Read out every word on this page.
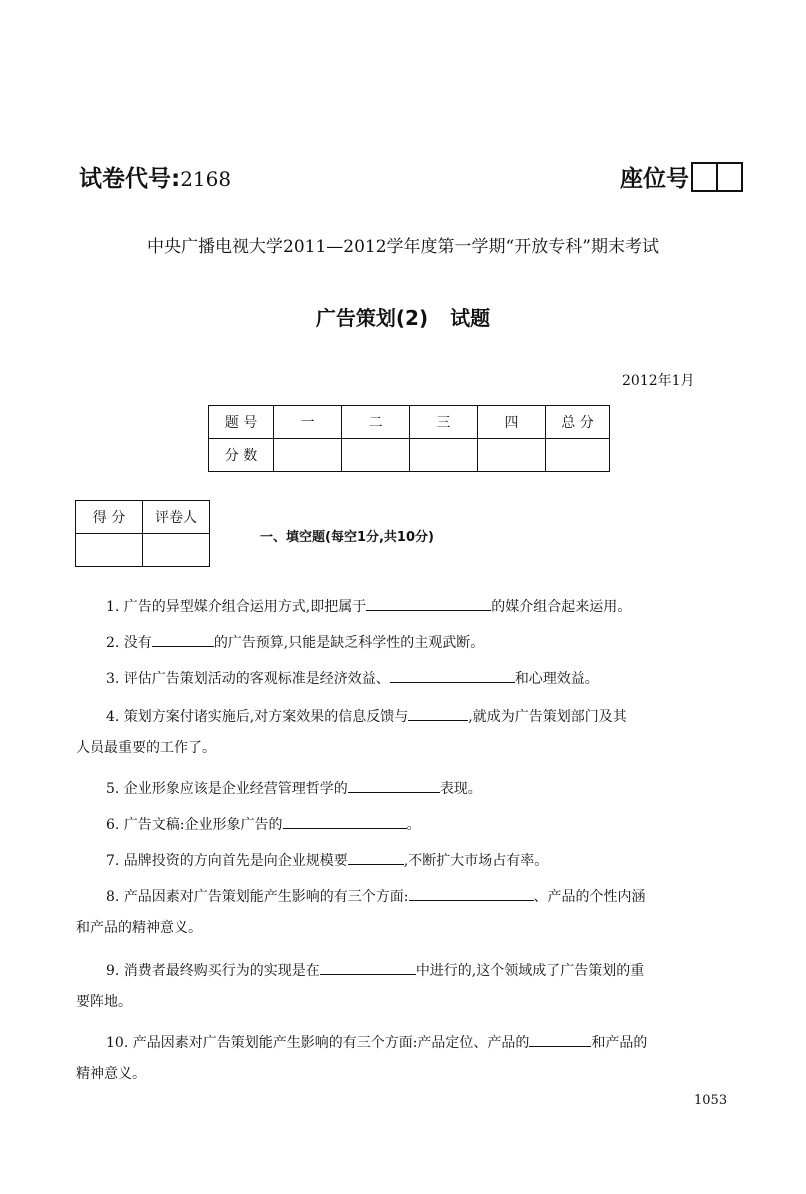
试卷代号:2168	座位号
中央广播电视大学2011—2012学年度第一学期“开放专科”期末考试
广告策划(2) 试题
2012年1月
题 号	一	二	三	四	总 分
分 数					
得 分	评卷人

一、填空题(每空1分,共10分)
1. 广告的异型媒介组合运用方式,即把属于	的媒介组合起来运用。
2. 没有	的广告预算,只能是缺乏科学性的主观武断。
3. 评估广告策划活动的客观标准是经济效益、	和心理效益。
4. 策划方案付诸实施后,对方案效果的信息反馈与	,就成为广告策划部门及其
人员最重要的工作了。
5. 企业形象应该是企业经营管理哲学的	表现。
6. 广告文稿:企业形象广告的	。
7. 品牌投资的方向首先是向企业规模要	,不断扩大市场占有率。
8. 产品因素对广告策划能产生影响的有三个方面:	、产品的个性内涵
和产品的精神意义。
9. 消费者最终购买行为的实现是在	中进行的,这个领域成了广告策划的重
要阵地。
10. 产品因素对广告策划能产生影响的有三个方面:产品定位、产品的	和产品的
精神意义。
1053
